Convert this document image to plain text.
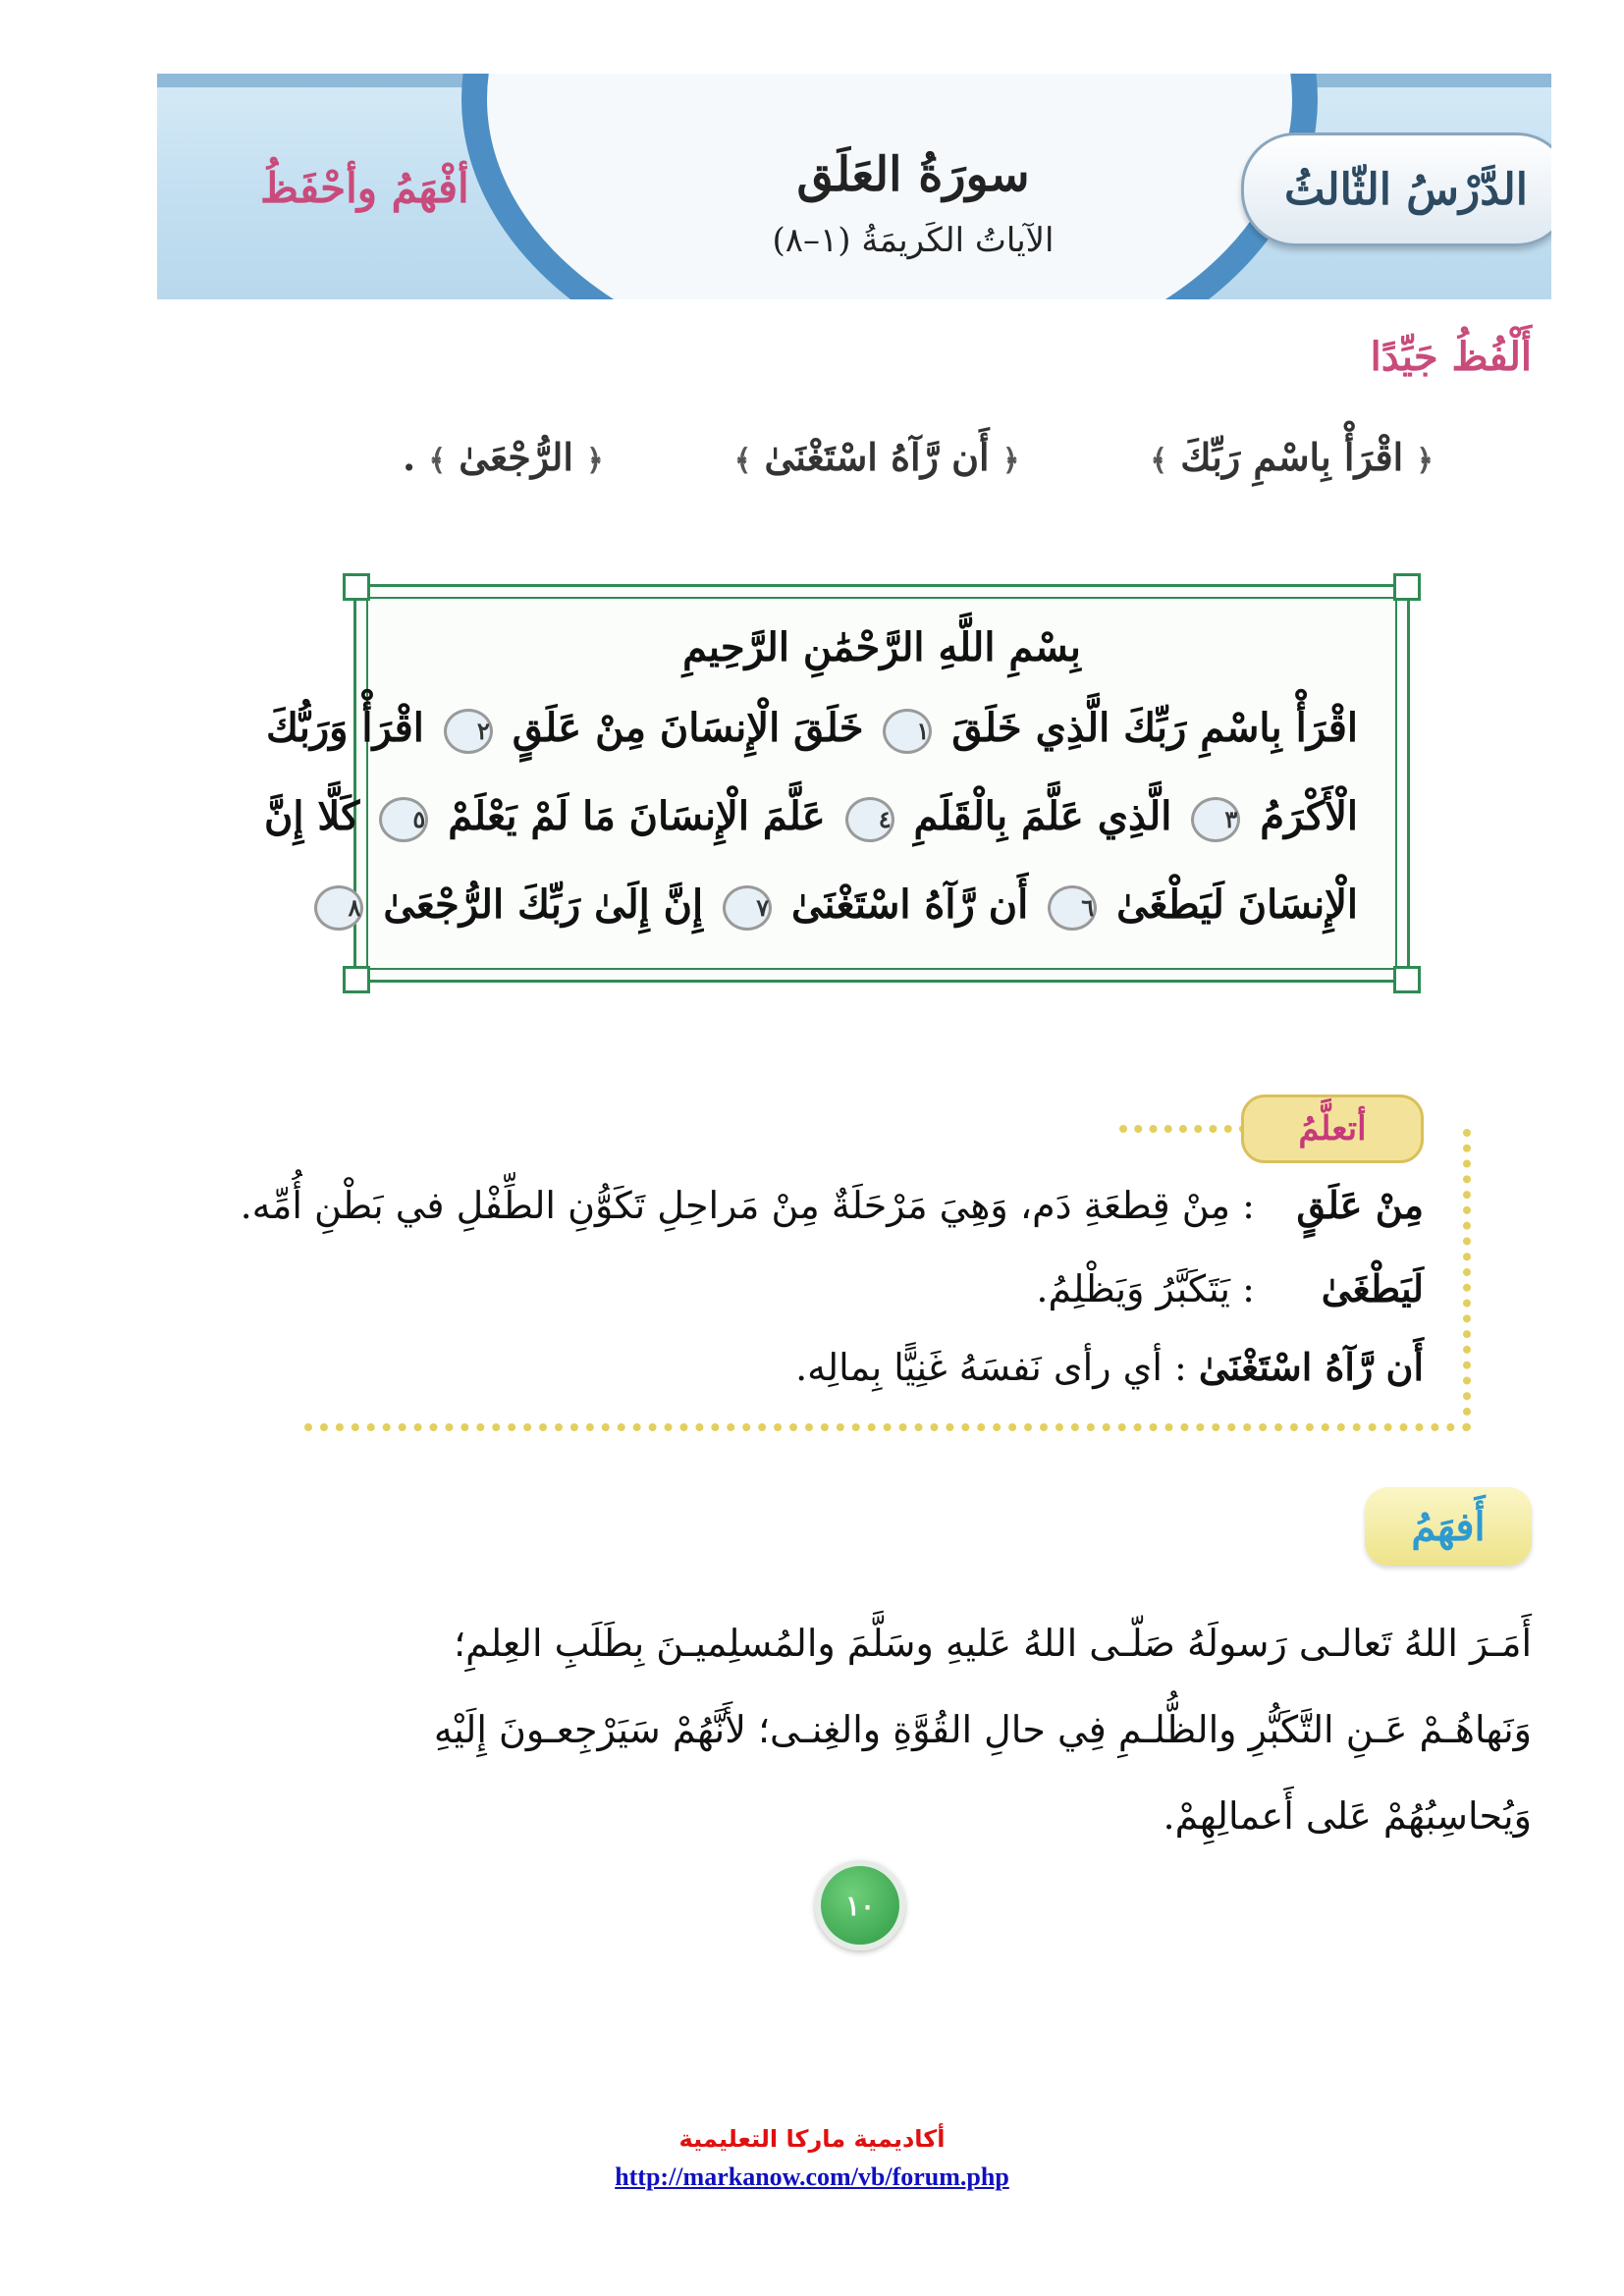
الدَّرْسُ الثّالثُ
سورَةُ العَلَق
الآياتُ الكَريمَةُ (١–٨)
أفْهَمُ وأحْفَظُ
أَلْفُظُ جَيِّدًا
﴿ اقْرَأْ بِاسْمِ رَبِّكَ ﴾
﴿ أَن رَّآهُ اسْتَغْنَىٰ ﴾
﴿ الرُّجْعَىٰ ﴾ .
بِسْمِ اللَّهِ الرَّحْمَٰنِ الرَّحِيمِ
اقْرَأْ بِاسْمِ رَبِّكَ الَّذِي خَلَقَ ١ خَلَقَ الْإِنسَانَ مِنْ عَلَقٍ ٢ اقْرَأْ وَرَبُّكَ
الْأَكْرَمُ ٣ الَّذِي عَلَّمَ بِالْقَلَمِ ٤ عَلَّمَ الْإِنسَانَ مَا لَمْ يَعْلَمْ ٥ كَلَّا إِنَّ
الْإِنسَانَ لَيَطْغَىٰ ٦ أَن رَّآهُ اسْتَغْنَىٰ ٧ إِنَّ إِلَىٰ رَبِّكَ الرُّجْعَىٰ ٨
أتعلَّمُ
مِنْ عَلَقٍ : مِنْ قِطعَةِ دَم، وَهِيَ مَرْحَلَةٌ مِنْ مَراحِلِ تَكَوُّنِ الطِّفْلِ في بَطْنِ أُمِّه.
لَيَطْغَىٰ : يَتَكَبَّرُ وَيَظْلِمُ.
أَن رَّآهُ اسْتَغْنَىٰ : أي رأى نَفسَهُ غَنِيًّا بِمالِه.
أَفهَمُ
أَمَـرَ اللهُ تَعالـى رَسولَهُ صَلّـى اللهُ عَليهِ وسَلَّمَ والمُسلِميـنَ بِطَلَبِ العِلمِ؛
وَنَهاهُـمْ عَـنِ التَّكَبُّرِ والظُّلـمِ فِي حالِ القُوَّةِ والغِنـى؛ لأَنَّهُمْ سَيَرْجِعـونَ إِلَيْهِ
وَيُحاسِبُهُمْ عَلى أَعمالِهِمْ.
١٠
أكاديمية ماركا التعليمية
http://markanow.com/vb/forum.php
